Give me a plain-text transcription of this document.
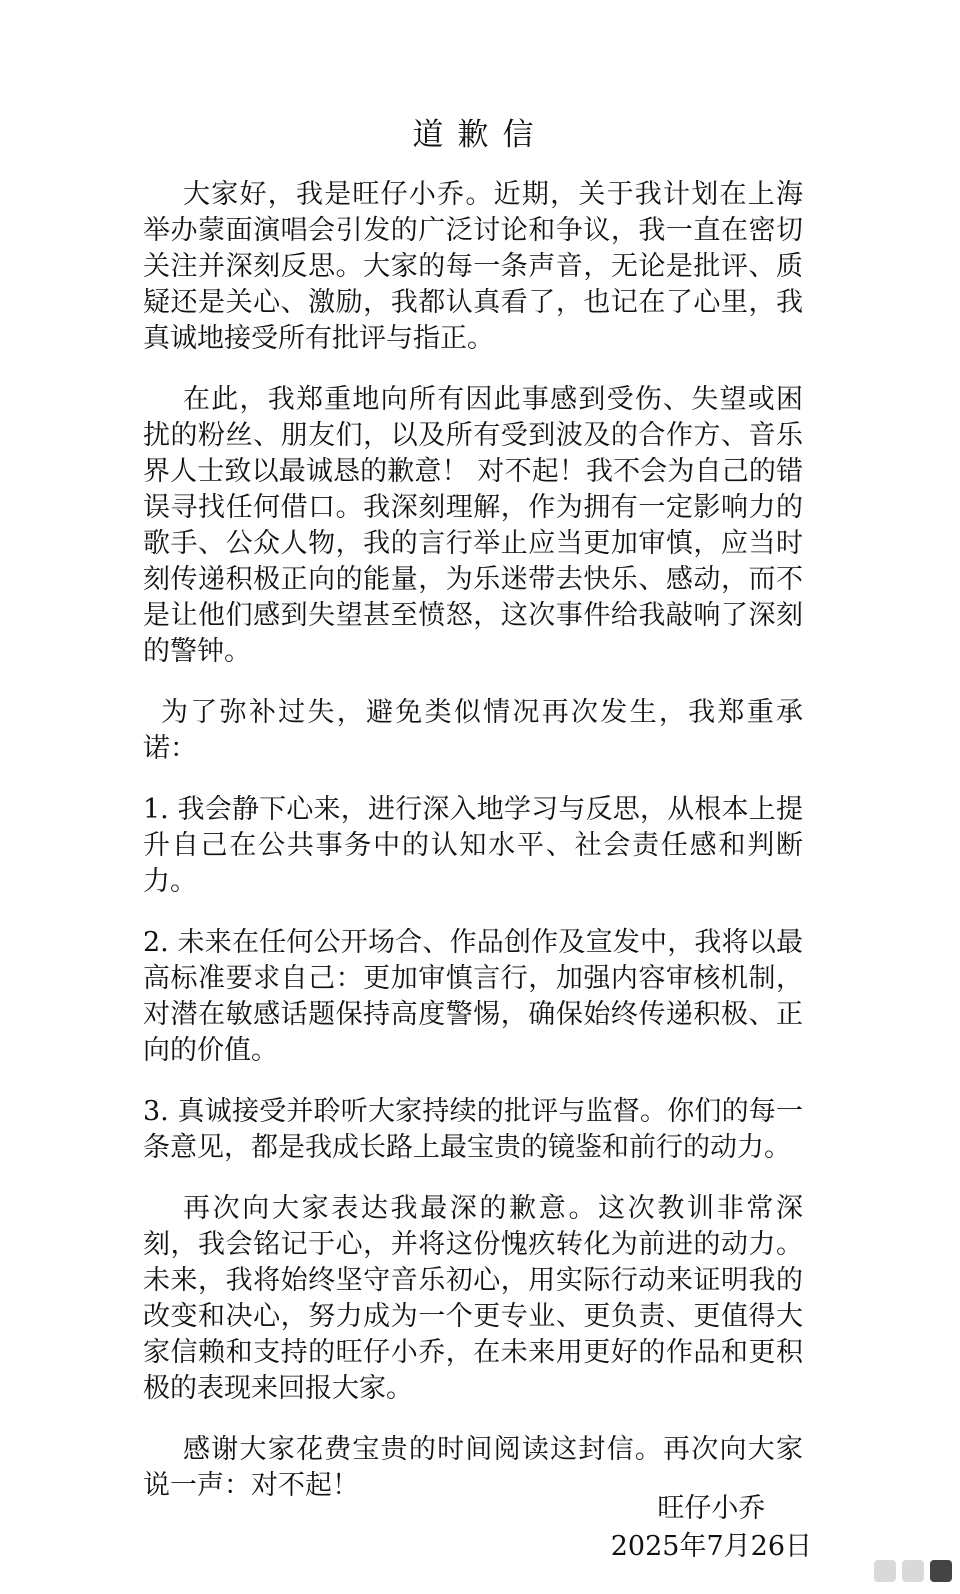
道歉信

大家好，我是旺仔小乔。近期，关于我计划在上海举办蒙面演唱会引发的广泛讨论和争议，我一直在密切关注并深刻反思。大家的每一条声音，无论是批评、质疑还是关心、激励，我都认真看了，也记在了心里，我真诚地接受所有批评与指正。

在此，我郑重地向所有因此事感到受伤、失望或困扰的粉丝、朋友们，以及所有受到波及的合作方、音乐界人士致以最诚恳的歉意！ 对不起！我不会为自己的错误寻找任何借口。我深刻理解，作为拥有一定影响力的歌手、公众人物，我的言行举止应当更加审慎，应当时刻传递积极正向的能量，为乐迷带去快乐、感动，而不是让他们感到失望甚至愤怒，这次事件给我敲响了深刻的警钟。

为了弥补过失，避免类似情况再次发生，我郑重承诺：

1. 我会静下心来，进行深入地学习与反思，从根本上提升自己在公共事务中的认知水平、社会责任感和判断力。

2. 未来在任何公开场合、作品创作及宣发中，我将以最高标准要求自己：更加审慎言行，加强内容审核机制，对潜在敏感话题保持高度警惕，确保始终传递积极、正向的价值。

3. 真诚接受并聆听大家持续的批评与监督。你们的每一条意见，都是我成长路上最宝贵的镜鉴和前行的动力。

再次向大家表达我最深的歉意。这次教训非常深刻，我会铭记于心，并将这份愧疚转化为前进的动力。未来，我将始终坚守音乐初心，用实际行动来证明我的改变和决心，努力成为一个更专业、更负责、更值得大家信赖和支持的旺仔小乔，在未来用更好的作品和更积极的表现来回报大家。

感谢大家花费宝贵的时间阅读这封信。再次向大家说一声：对不起！

旺仔小乔
2025年7月26日
